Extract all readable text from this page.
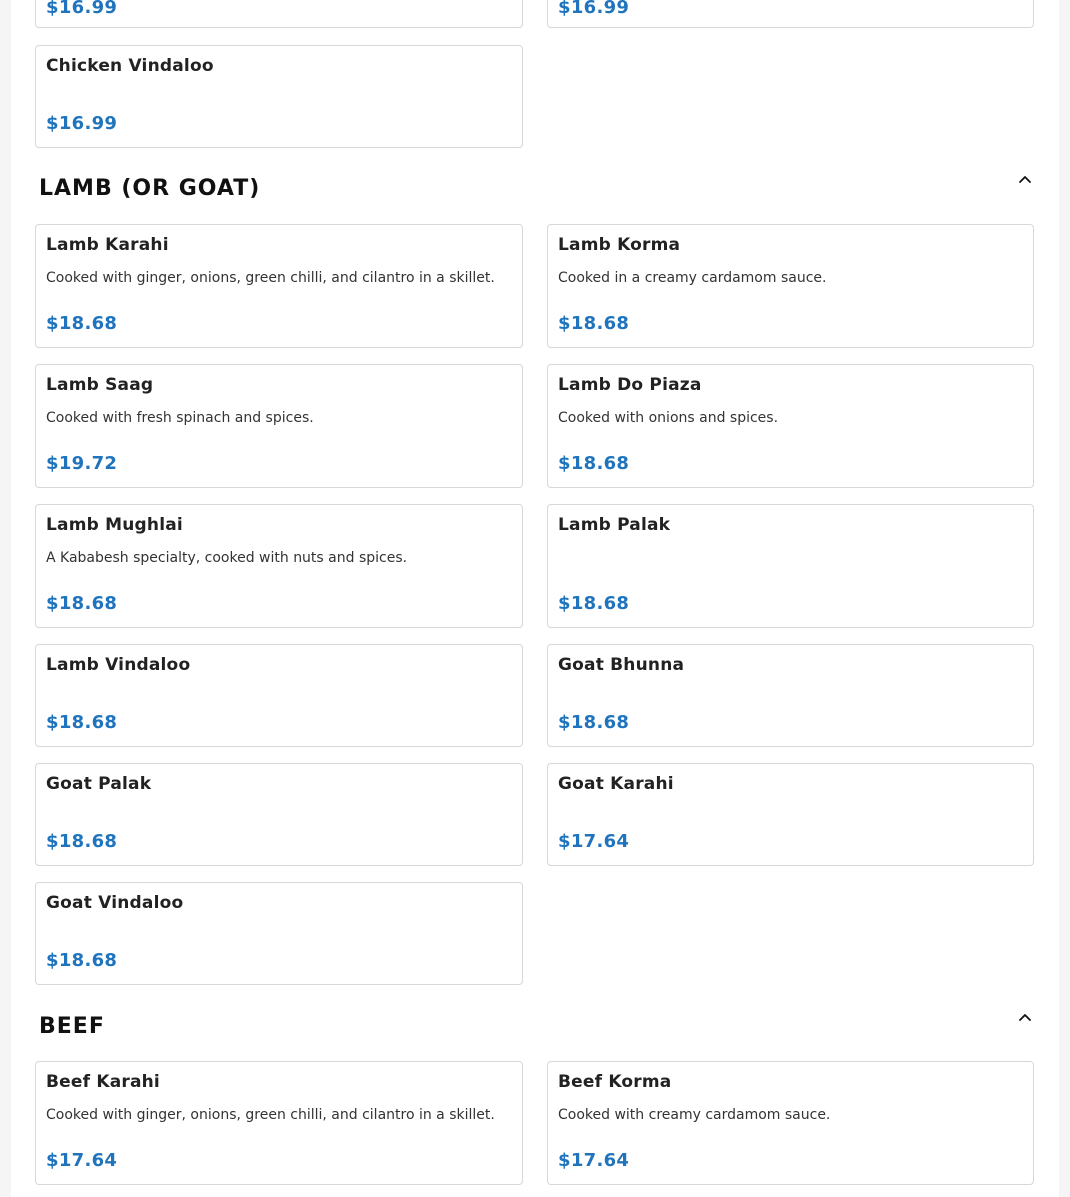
$16.99	$16.99
Chicken Vindaloo
$16.99
LAMB (OR GOAT)
Lamb Karahi
Cooked with ginger, onions, green chilli, and cilantro in a skillet.
$18.68
Lamb Korma
Cooked in a creamy cardamom sauce.
$18.68
Lamb Saag
Cooked with fresh spinach and spices.
$19.72
Lamb Do Piaza
Cooked with onions and spices.
$18.68
Lamb Mughlai
A Kababesh specialty, cooked with nuts and spices.
$18.68
Lamb Palak
$18.68
Lamb Vindaloo
$18.68
Goat Bhunna
$18.68
Goat Palak
$18.68
Goat Karahi
$17.64
Goat Vindaloo
$18.68
BEEF
Beef Karahi
Cooked with ginger, onions, green chilli, and cilantro in a skillet.
$17.64
Beef Korma
Cooked with creamy cardamom sauce.
$17.64
